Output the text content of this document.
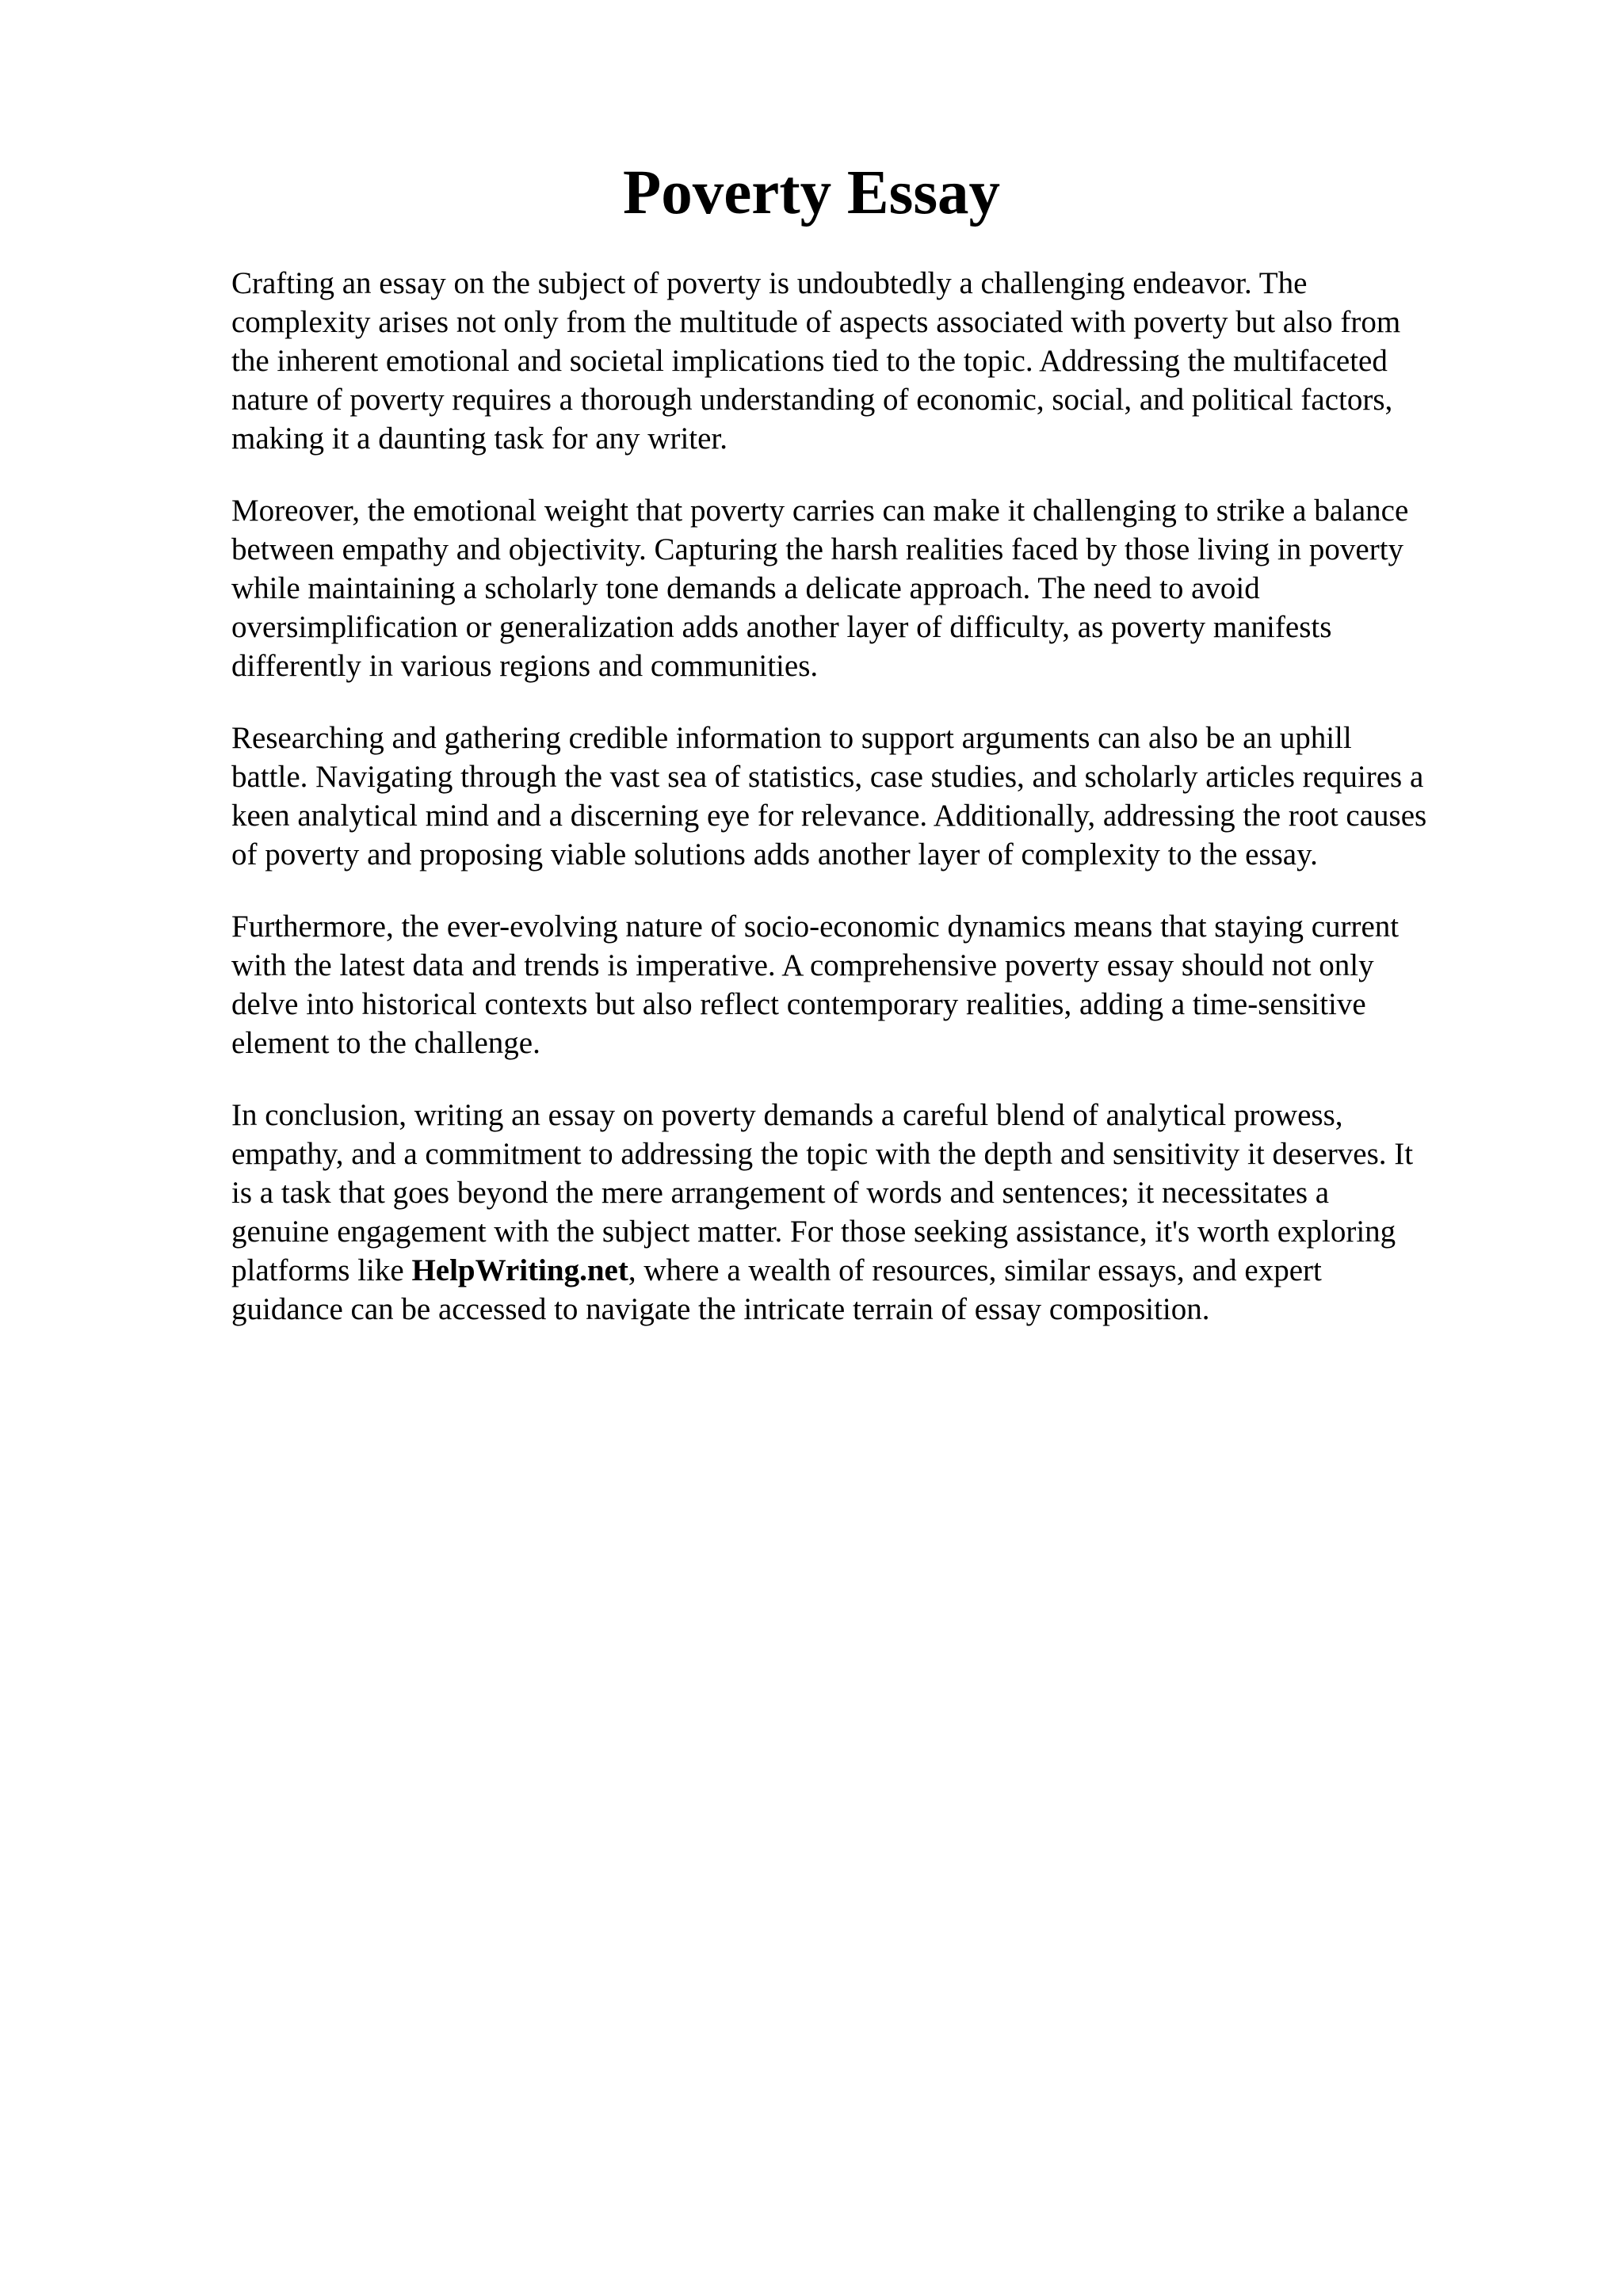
Poverty Essay
Crafting an essay on the subject of poverty is undoubtedly a challenging endeavor. The
complexity arises not only from the multitude of aspects associated with poverty but also from
the inherent emotional and societal implications tied to the topic. Addressing the multifaceted
nature of poverty requires a thorough understanding of economic, social, and political factors,
making it a daunting task for any writer.
Moreover, the emotional weight that poverty carries can make it challenging to strike a balance
between empathy and objectivity. Capturing the harsh realities faced by those living in poverty
while maintaining a scholarly tone demands a delicate approach. The need to avoid
oversimplification or generalization adds another layer of difficulty, as poverty manifests
differently in various regions and communities.
Researching and gathering credible information to support arguments can also be an uphill
battle. Navigating through the vast sea of statistics, case studies, and scholarly articles requires a
keen analytical mind and a discerning eye for relevance. Additionally, addressing the root causes
of poverty and proposing viable solutions adds another layer of complexity to the essay.
Furthermore, the ever-evolving nature of socio-economic dynamics means that staying current
with the latest data and trends is imperative. A comprehensive poverty essay should not only
delve into historical contexts but also reflect contemporary realities, adding a time-sensitive
element to the challenge.
In conclusion, writing an essay on poverty demands a careful blend of analytical prowess,
empathy, and a commitment to addressing the topic with the depth and sensitivity it deserves. It
is a task that goes beyond the mere arrangement of words and sentences; it necessitates a
genuine engagement with the subject matter. For those seeking assistance, it's worth exploring
platforms like HelpWriting.net, where a wealth of resources, similar essays, and expert
guidance can be accessed to navigate the intricate terrain of essay composition.
